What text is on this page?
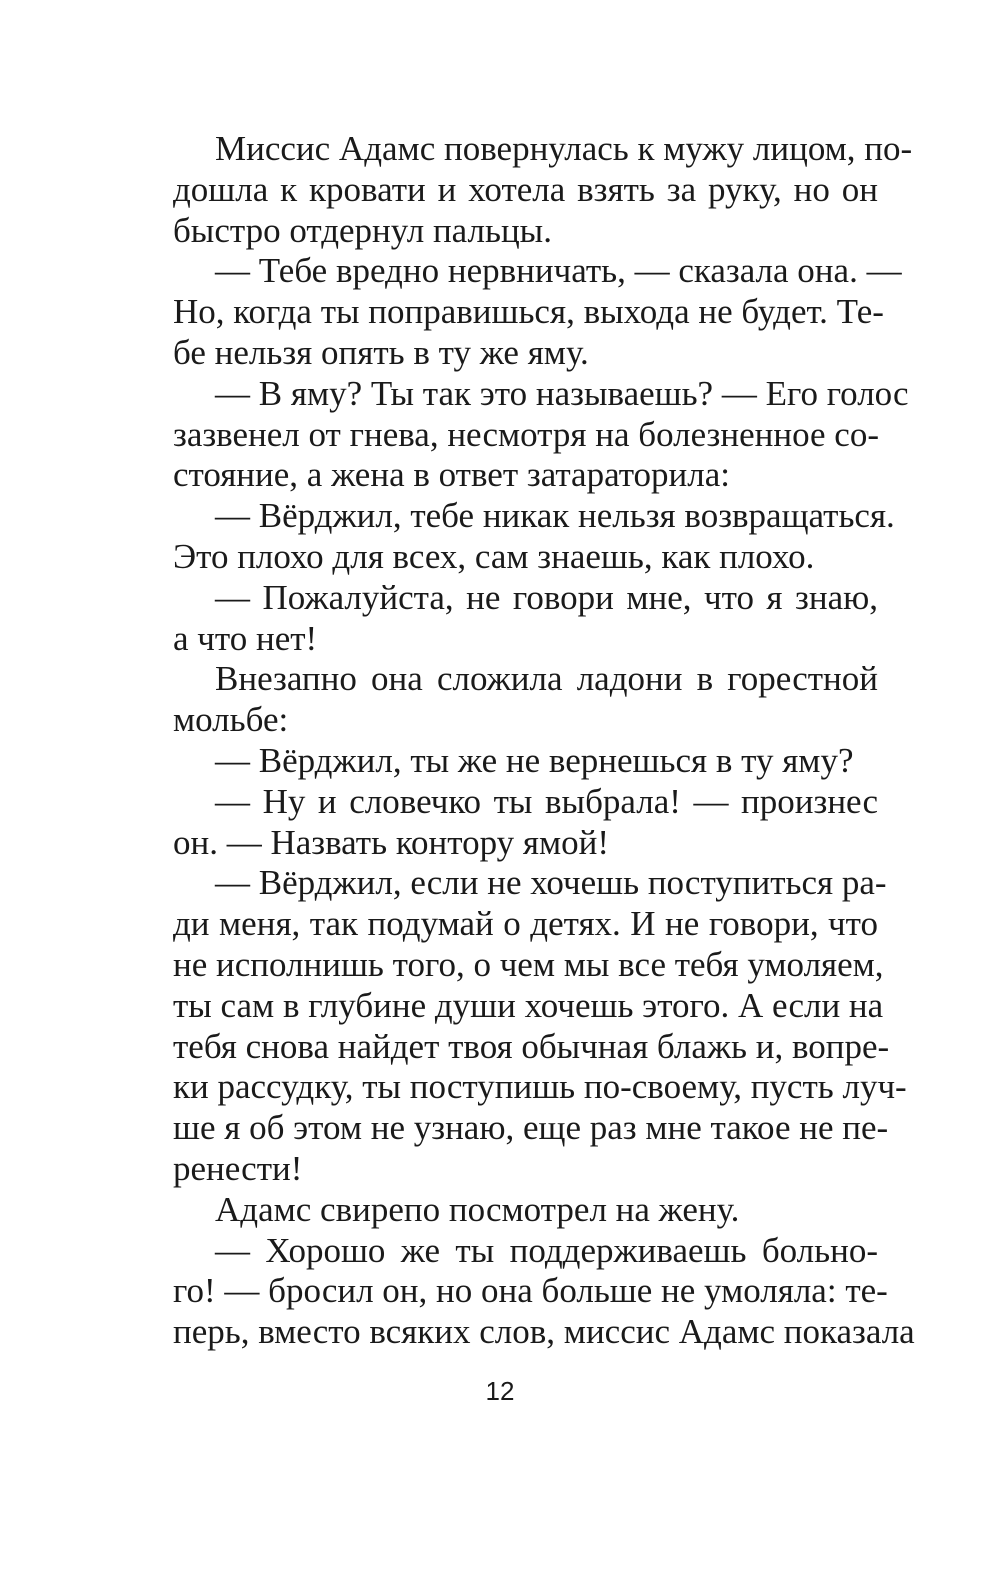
Миссис Адамс повернулась к мужу лицом, по-
дошла к кровати и хотела взять за руку, но он
быстро отдернул пальцы.
— Тебе вредно нервничать, — сказала она. —
Но, когда ты поправишься, выхода не будет. Те-
бе нельзя опять в ту же яму.
— В яму? Ты так это называешь? — Его голос
зазвенел от гнева, несмотря на болезненное со-
стояние, а жена в ответ затараторила:
— Вёрджил, тебе никак нельзя возвращаться.
Это плохо для всех, сам знаешь, как плохо.
— Пожалуйста, не говори мне, что я знаю,
а что нет!
Внезапно она сложила ладони в горестной
мольбе:
— Вёрджил, ты же не вернешься в ту яму?
— Ну и словечко ты выбрала! — произнес
он. — Назвать контору ямой!
— Вёрджил, если не хочешь поступиться ра-
ди меня, так подумай о детях. И не говори, что
не исполнишь того, о чем мы все тебя умоляем,
ты сам в глубине души хочешь этого. А если на
тебя снова найдет твоя обычная блажь и, вопре-
ки рассудку, ты поступишь по-своему, пусть луч-
ше я об этом не узнаю, еще раз мне такое не пе-
ренести!
Адамс свирепо посмотрел на жену.
— Хорошо же ты поддерживаешь больно-
го! — бросил он, но она больше не умоляла: те-
перь, вместо всяких слов, миссис Адамс показала
12
